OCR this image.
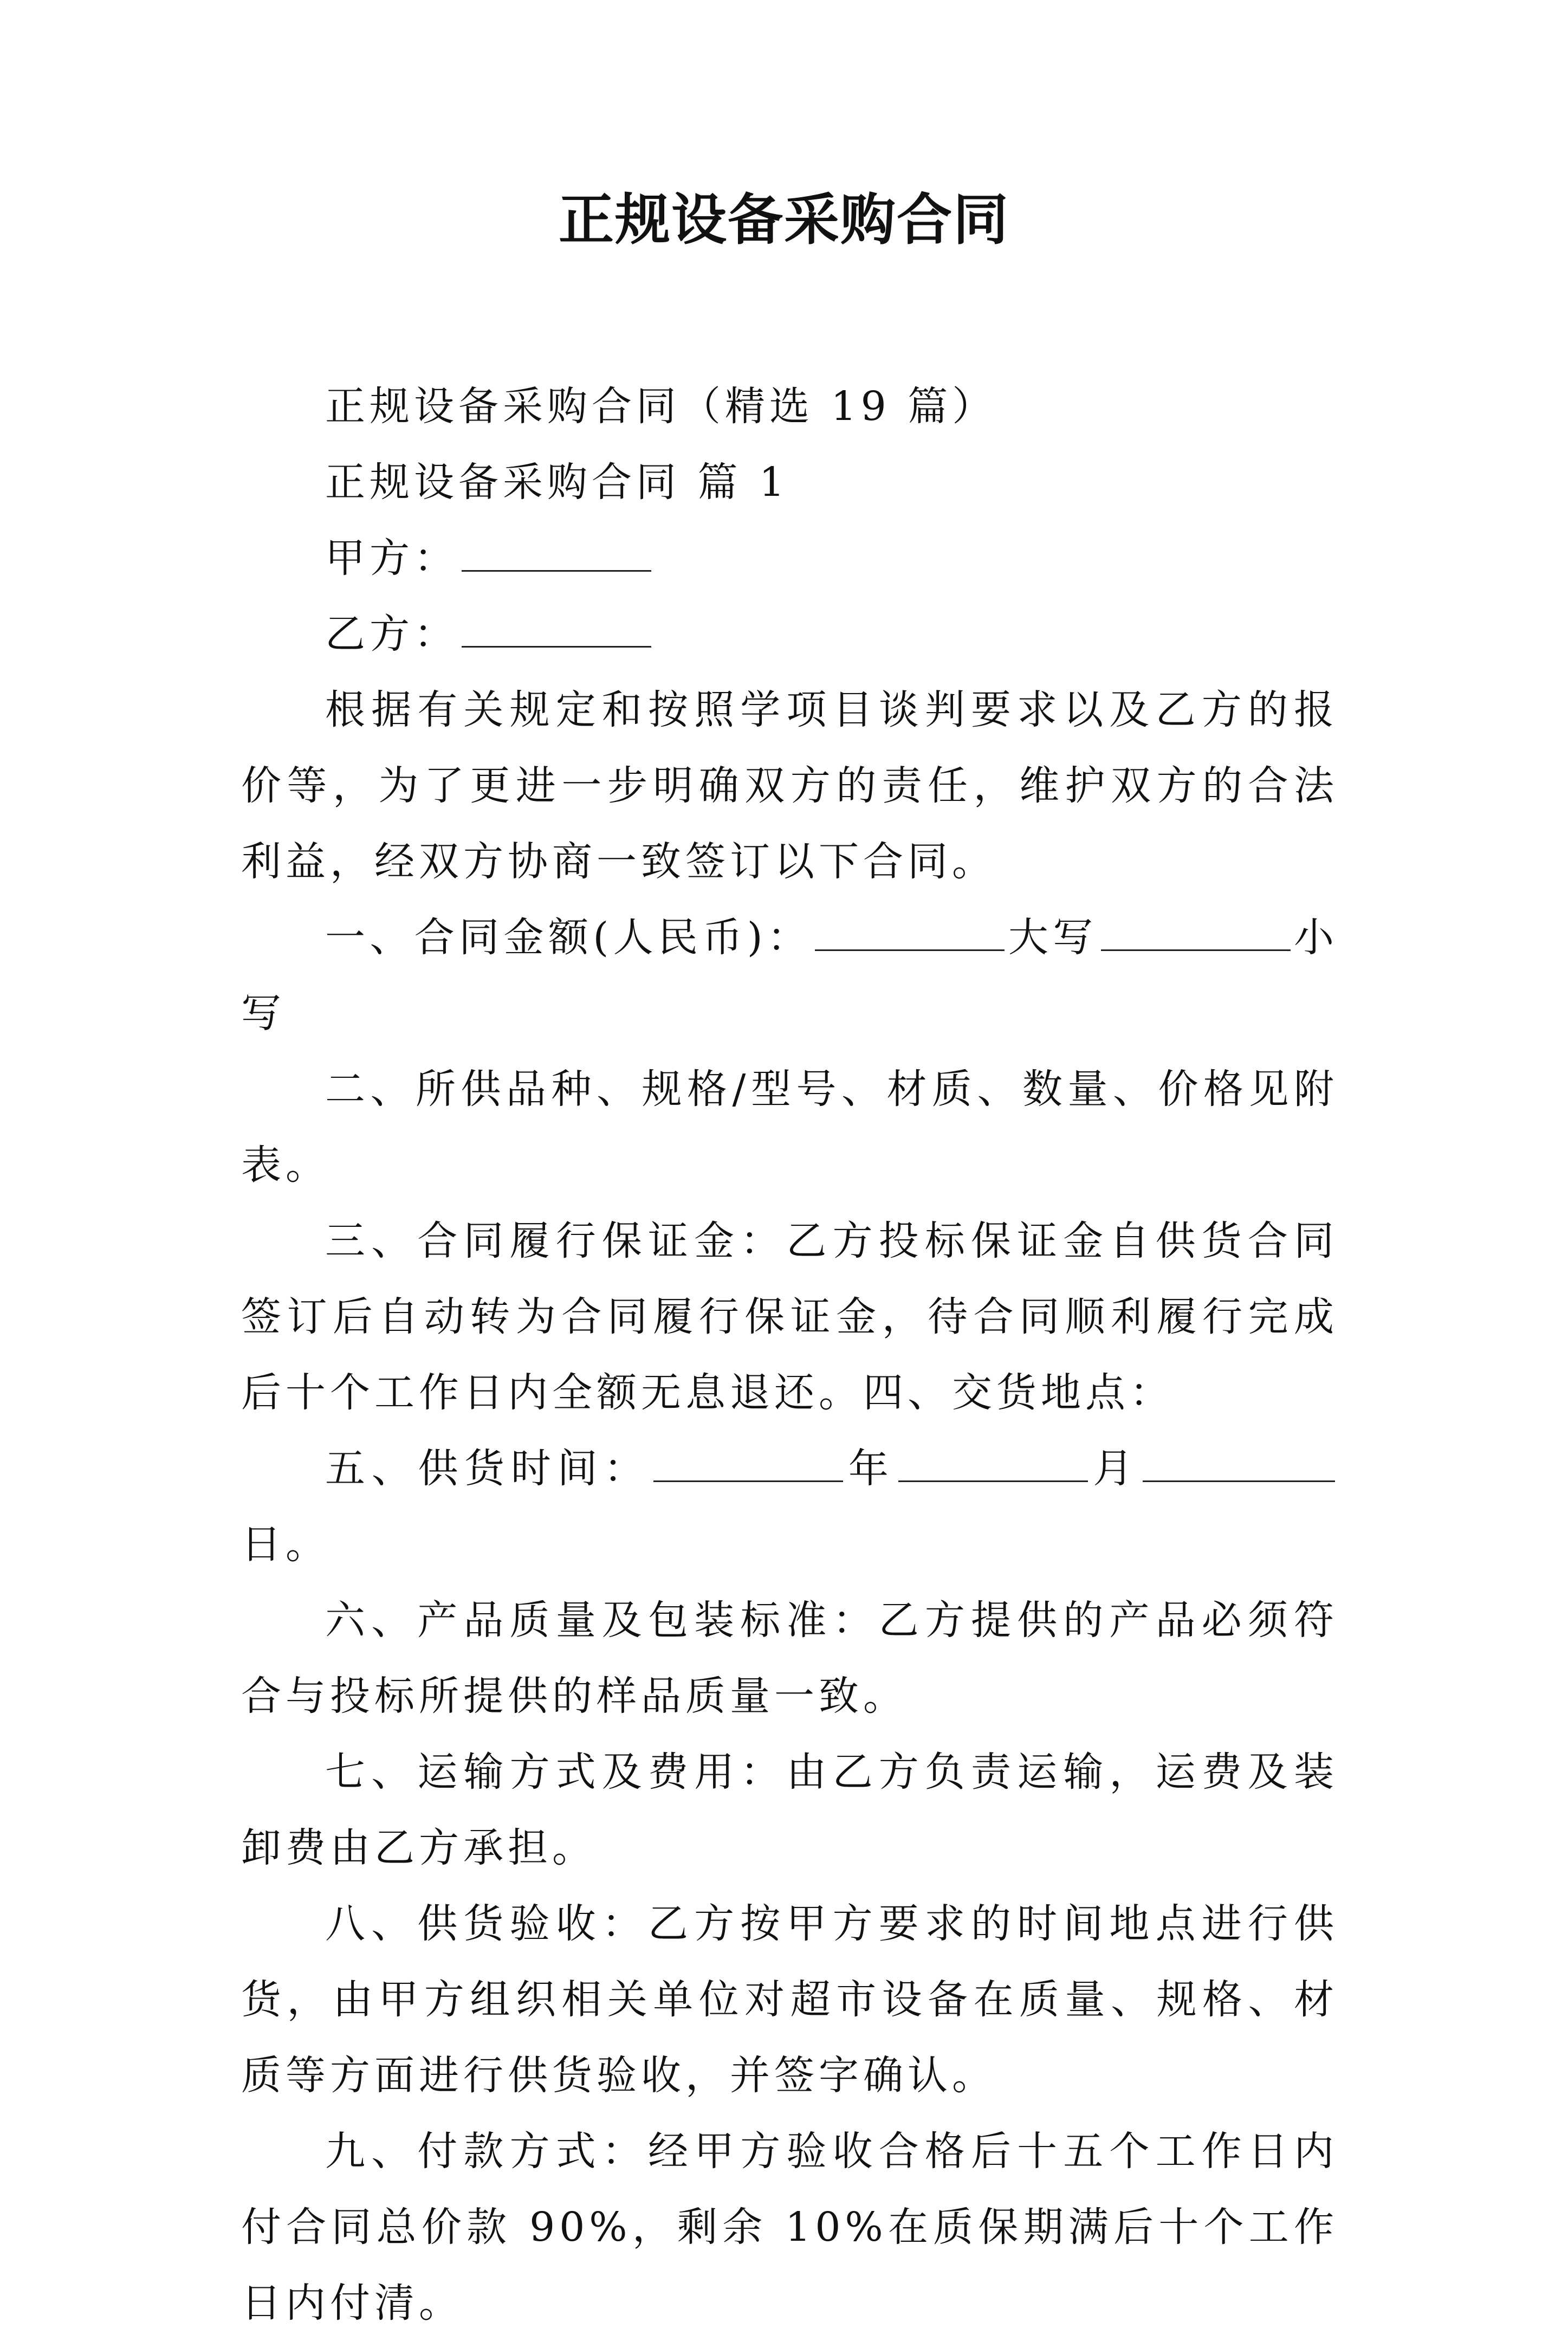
正规设备采购合同

正规设备采购合同（精选 19 篇）

正规设备采购合同 篇 1

甲方：

乙方：

根据有关规定和按照学项目谈判要求以及乙方的报价等，为了更进一步明确双方的责任，维护双方的合法利益，经双方协商一致签订以下合同。

一、合同金额(人民币)：	大写	小写

二、所供品种、规格/型号、材质、数量、价格见附表。

三、合同履行保证金：乙方投标保证金自供货合同签订后自动转为合同履行保证金，待合同顺利履行完成后十个工作日内全额无息退还。四、交货地点：

五、供货时间：	年	月日。

六、产品质量及包装标准：乙方提供的产品必须符合与投标所提供的样品质量一致。

七、运输方式及费用：由乙方负责运输，运费及装卸费由乙方承担。

八、供货验收：乙方按甲方要求的时间地点进行供货，由甲方组织相关单位对超市设备在质量、规格、材质等方面进行供货验收，并签字确认。

九、付款方式：经甲方验收合格后十五个工作日内付合同总价款 90%，剩余 10%在质保期满后十个工作日内付清。
